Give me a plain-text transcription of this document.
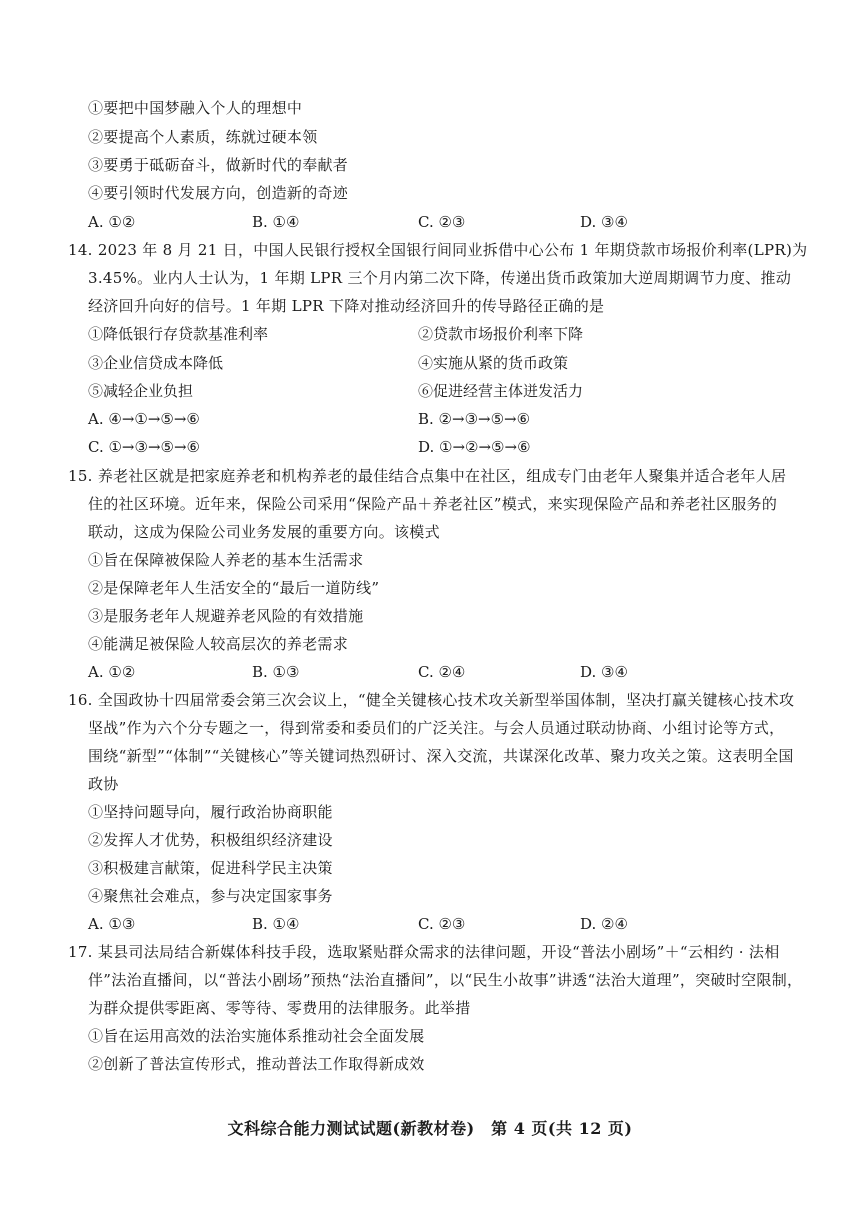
①要把中国梦融入个人的理想中
②要提高个人素质，练就过硬本领
③要勇于砥砺奋斗，做新时代的奉献者
④要引领时代发展方向，创造新的奇迹
A. ①②	B. ①④	C. ②③	D. ③④
14. 2023 年 8 月 21 日，中国人民银行授权全国银行间同业拆借中心公布 1 年期贷款市场报价利率(LPR)为
3.45%。业内人士认为，1 年期 LPR 三个月内第二次下降，传递出货币政策加大逆周期调节力度、推动
经济回升向好的信号。1 年期 LPR 下降对推动经济回升的传导路径正确的是
①降低银行存贷款基准利率	②贷款市场报价利率下降
③企业信贷成本降低	④实施从紧的货币政策
⑤减轻企业负担	⑥促进经营主体迸发活力
A. ④→①→⑤→⑥	B. ②→③→⑤→⑥
C. ①→③→⑤→⑥	D. ①→②→⑤→⑥
15. 养老社区就是把家庭养老和机构养老的最佳结合点集中在社区，组成专门由老年人聚集并适合老年人居
住的社区环境。近年来，保险公司采用“保险产品＋养老社区”模式，来实现保险产品和养老社区服务的
联动，这成为保险公司业务发展的重要方向。该模式
①旨在保障被保险人养老的基本生活需求
②是保障老年人生活安全的“最后一道防线”
③是服务老年人规避养老风险的有效措施
④能满足被保险人较高层次的养老需求
A. ①②	B. ①③	C. ②④	D. ③④
16. 全国政协十四届常委会第三次会议上，“健全关键核心技术攻关新型举国体制，坚决打赢关键核心技术攻
坚战”作为六个分专题之一，得到常委和委员们的广泛关注。与会人员通过联动协商、小组讨论等方式，
围绕“新型”“体制”“关键核心”等关键词热烈研讨、深入交流，共谋深化改革、聚力攻关之策。这表明全国
政协
①坚持问题导向，履行政治协商职能
②发挥人才优势，积极组织经济建设
③积极建言献策，促进科学民主决策
④聚焦社会难点，参与决定国家事务
A. ①③	B. ①④	C. ②③	D. ②④
17. 某县司法局结合新媒体科技手段，选取紧贴群众需求的法律问题，开设“普法小剧场”＋“云相约 · 法相
伴”法治直播间，以“普法小剧场”预热“法治直播间”，以“民生小故事”讲透“法治大道理”，突破时空限制，
为群众提供零距离、零等待、零费用的法律服务。此举措
①旨在运用高效的法治实施体系推动社会全面发展
②创新了普法宣传形式，推动普法工作取得新成效
文科综合能力测试试题(新教材卷)　第 4 页(共 12 页)
